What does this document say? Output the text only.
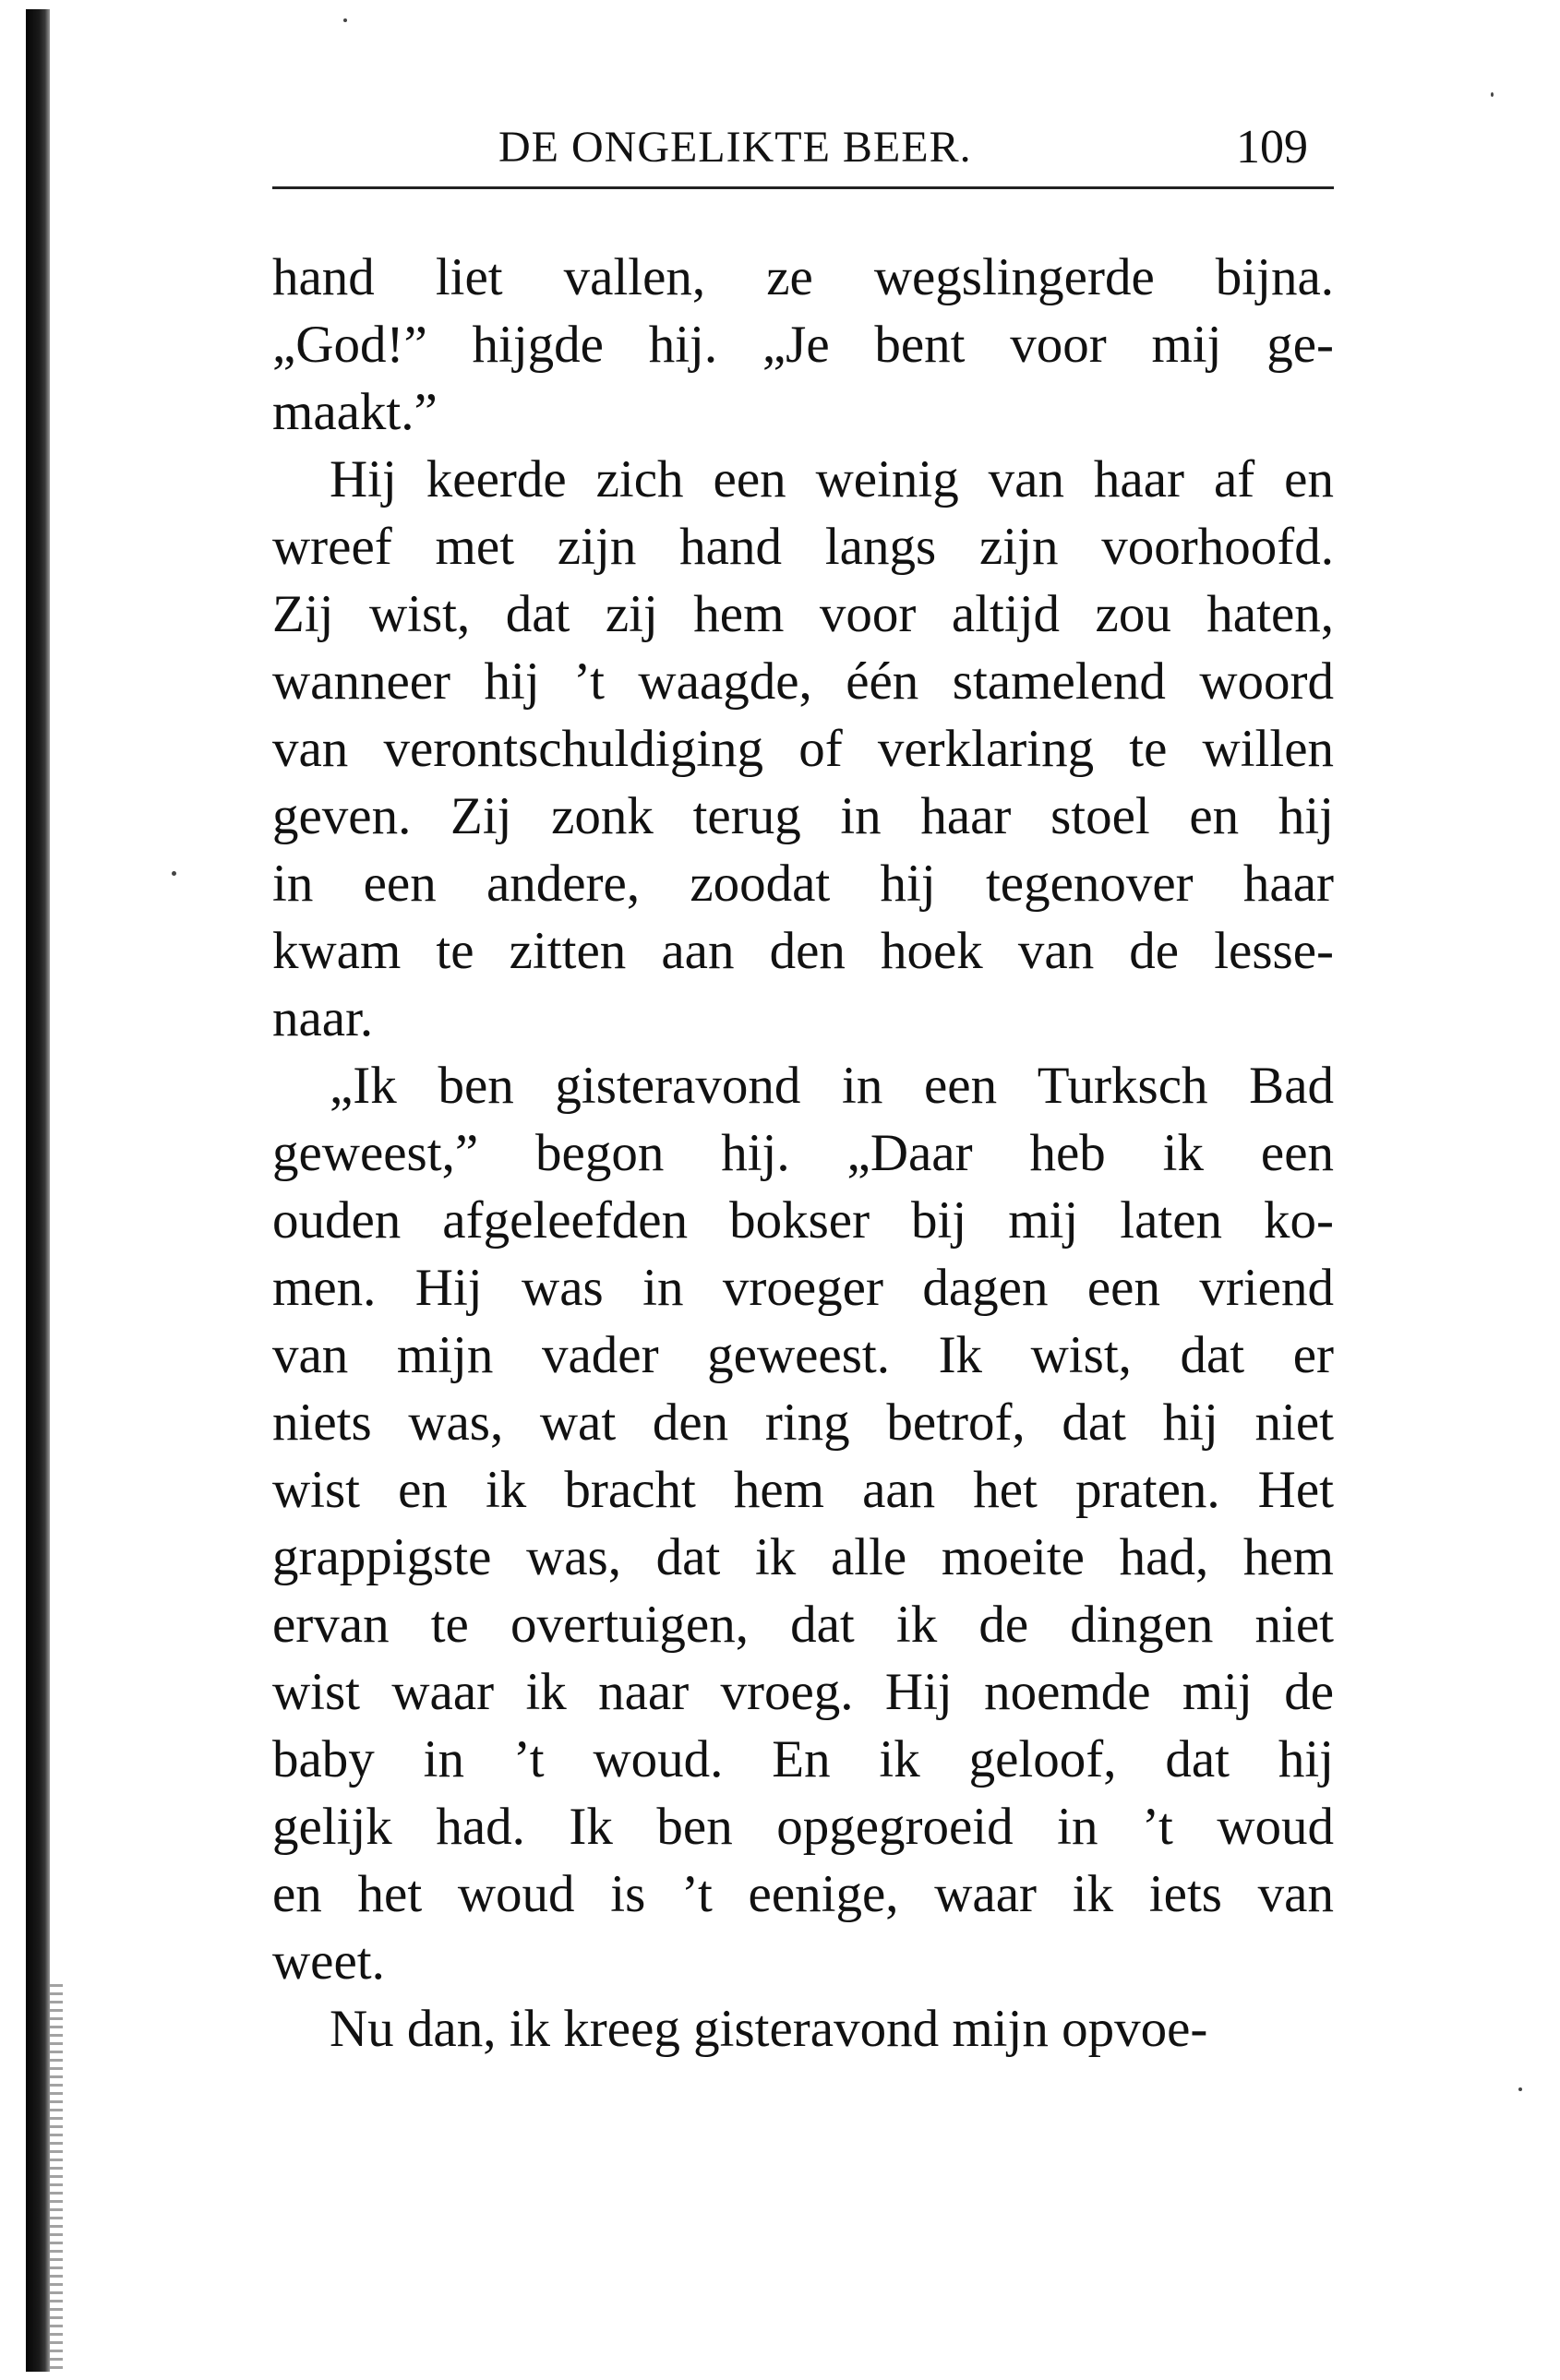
DE ONGELIKTE BEER.	109
hand liet vallen, ze wegslingerde bijna.
„God!” hijgde hij. „Je bent voor mij ge-
maakt.”
Hij keerde zich een weinig van haar af en
wreef met zijn hand langs zijn voorhoofd.
Zij wist, dat zij hem voor altijd zou haten,
wanneer hij ’t waagde, één stamelend woord
van verontschuldiging of verklaring te willen
geven. Zij zonk terug in haar stoel en hij
in een andere, zoodat hij tegenover haar
kwam te zitten aan den hoek van de lesse-
naar.
„Ik ben gisteravond in een Turksch Bad
geweest,” begon hij. „Daar heb ik een
ouden afgeleefden bokser bij mij laten ko-
men. Hij was in vroeger dagen een vriend
van mijn vader geweest. Ik wist, dat er
niets was, wat den ring betrof, dat hij niet
wist en ik bracht hem aan het praten. Het
grappigste was, dat ik alle moeite had, hem
ervan te overtuigen, dat ik de dingen niet
wist waar ik naar vroeg. Hij noemde mij de
baby in ’t woud. En ik geloof, dat hij
gelijk had. Ik ben opgegroeid in ’t woud
en het woud is ’t eenige, waar ik iets van
weet.
Nu dan, ik kreeg gisteravond mijn opvoe-
